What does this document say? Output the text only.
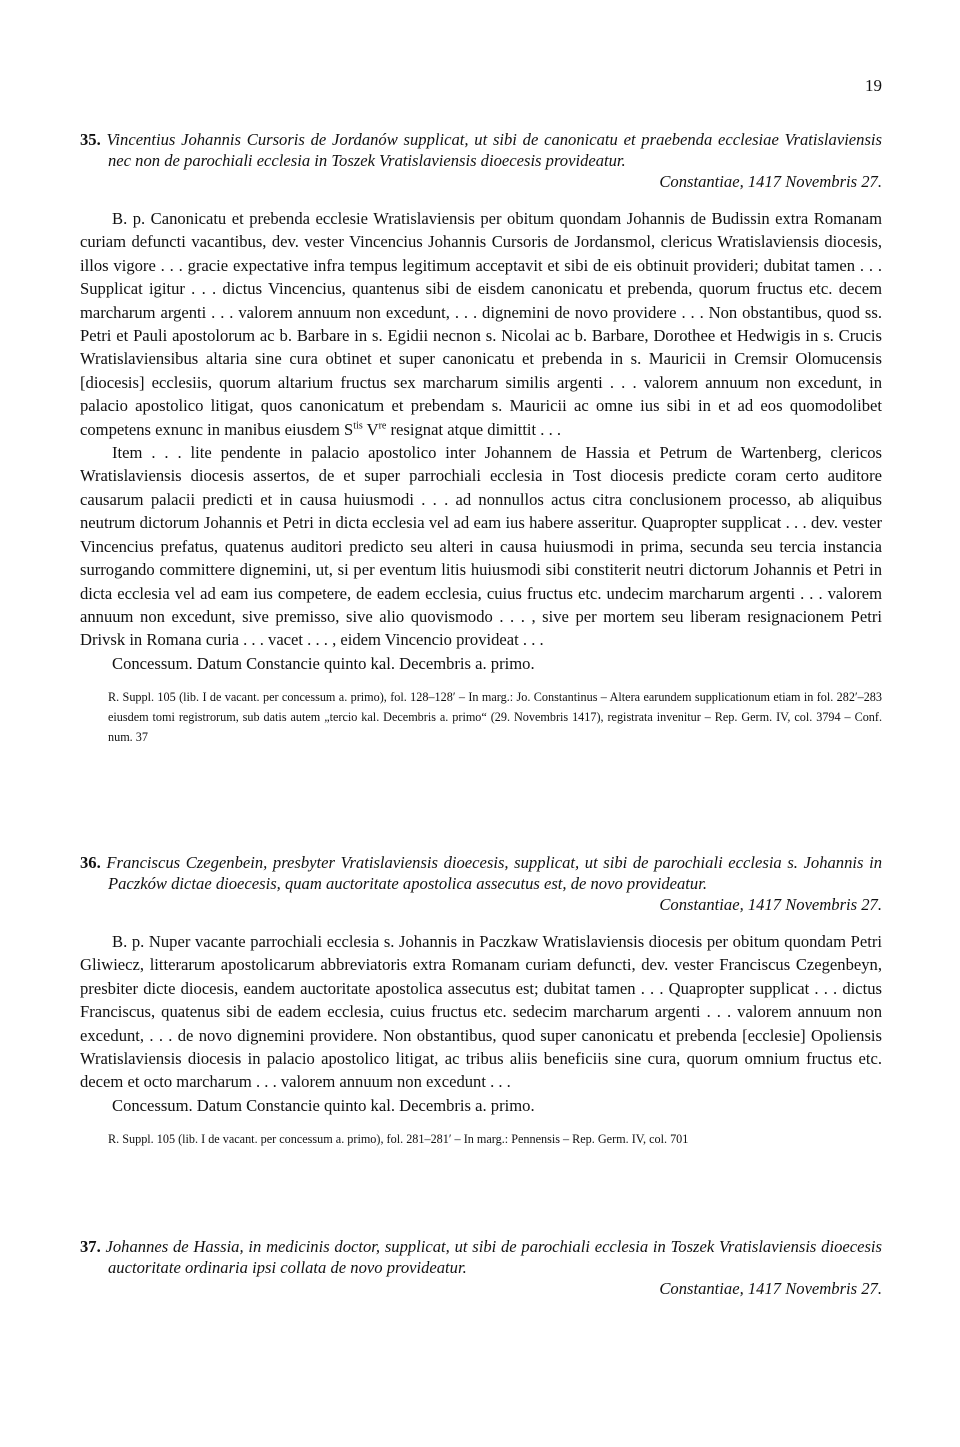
19
35. Vincentius Johannis Cursoris de Jordanów supplicat, ut sibi de canonicatu et praebenda ecclesiae Vratislaviensis nec non de parochiali ecclesia in Toszek Vratislaviensis dioecesis provideatur.
Constantiae, 1417 Novembris 27.

B. p. Canonicatu et prebenda ecclesie Wratislaviensis per obitum quondam Johannis de Budissin extra Romanam curiam defuncti vacantibus, dev. vester Vincencius Johannis Cursoris de Jordansmol, clericus Wratislaviensis diocesis, illos vigore . . . gracie expectative infra tempus legitimum acceptavit et sibi de eis obtinuit provideri; dubitat tamen . . . Supplicat igitur . . . dictus Vincencius, quantenus sibi de eisdem canonicatu et prebenda, quorum fructus etc. decem marcharum argenti . . . valorem annuum non excedunt, . . . dignemini de novo providere . . . Non obstantibus, quod ss. Petri et Pauli apostolorum ac b. Barbare in s. Egidii necnon s. Nicolai ac b. Barbare, Dorothee et Hedwigis in s. Crucis Wratislaviensibus altaria sine cura obtinet et super canonicatu et prebenda in s. Mauricii in Cremsir Olomucensis [diocesis] ecclesiis, quorum altarium fructus sex marcharum similis argenti . . . valorem annuum non excedunt, in palacio apostolico litigat, quos canonicatum et prebendam s. Mauricii ac omne ius sibi in et ad eos quomodolibet competens exnunc in manibus eiusdem $S^{tis}$ Vre resignat atque dimittit . . .

Item . . . lite pendente in palacio apostolico inter Johannem de Hassia et Petrum de Wartenberg, clericos Wratislaviensis diocesis assertos, de et super parrochiali ecclesia in Tost diocesis predicte coram certo auditore causarum palacii predicti et in causa huiusmodi . . . ad nonnullos actus citra conclusionem processo, ab aliquibus neutrum dictorum Johannis et Petri in dicta ecclesia vel ad eam ius habere asseritur. Quapropter supplicat . . . dev. vester Vincencius prefatus, quatenus auditori predicto seu alteri in causa huiusmodi in prima, secunda seu tercia instancia surrogando committere dignemini, ut, si per eventum litis huiusmodi sibi constiterit neutri dictorum Johannis et Petri in dicta ecclesia vel ad eam ius competere, de eadem ecclesia, cuius fructus etc. undecim marcharum argenti . . . valorem annuum non excedunt, sive premisso, sive alio quovismodo . . . , sive per mortem seu liberam resignacionem Petri Drivsk in Romana curia . . . vacet . . . , eidem Vincencio provideat . . .

Concessum. Datum Constancie quinto kal. Decembris a. primo.

R. Suppl. 105 (lib. I de vacant. per concessum a. primo), fol. 128–128′ – In marg.: Jo. Constantinus – Altera earundem supplicationum etiam in fol. 282′–283 eiusdem tomi registrorum, sub datis autem „tercio kal. Decembris a. primo“ (29. Novembris 1417), registrata invenitur – Rep. Germ. IV, col. 3794 – Conf. num. 37
36. Franciscus Czegenbein, presbyter Vratislaviensis dioecesis, supplicat, ut sibi de parochiali ecclesia s. Johannis in Paczków dictae dioecesis, quam auctoritate apostolica assecutus est, de novo provideatur.
Constantiae, 1417 Novembris 27.

B. p. Nuper vacante parrochiali ecclesia s. Johannis in Paczkaw Wratislaviensis diocesis per obitum quondam Petri Gliwiecz, litterarum apostolicarum abbreviatoris extra Romanam curiam defuncti, dev. vester Franciscus Czegenbeyn, presbiter dicte diocesis, eandem auctoritate apostolica assecutus est; dubitat tamen . . . Quapropter supplicat . . . dictus Franciscus, quatenus sibi de eadem ecclesia, cuius fructus etc. sedecim marcharum argenti . . . valorem annuum non excedunt, . . . de novo dignemini providere. Non obstantibus, quod super canonicatu et prebenda [ecclesie] Opoliensis Wratislaviensis diocesis in palacio apostolico litigat, ac tribus aliis beneficiis sine cura, quorum omnium fructus etc. decem et octo marcharum . . . valorem annuum non excedunt . . .

Concessum. Datum Constancie quinto kal. Decembris a. primo.

R. Suppl. 105 (lib. I de vacant. per concessum a. primo), fol. 281–281′ – In marg.: Pennensis – Rep. Germ. IV, col. 701
37. Johannes de Hassia, in medicinis doctor, supplicat, ut sibi de parochiali ecclesia in Toszek Vratislaviensis dioecesis auctoritate ordinaria ipsi collata de novo provideatur.
Constantiae, 1417 Novembris 27.
